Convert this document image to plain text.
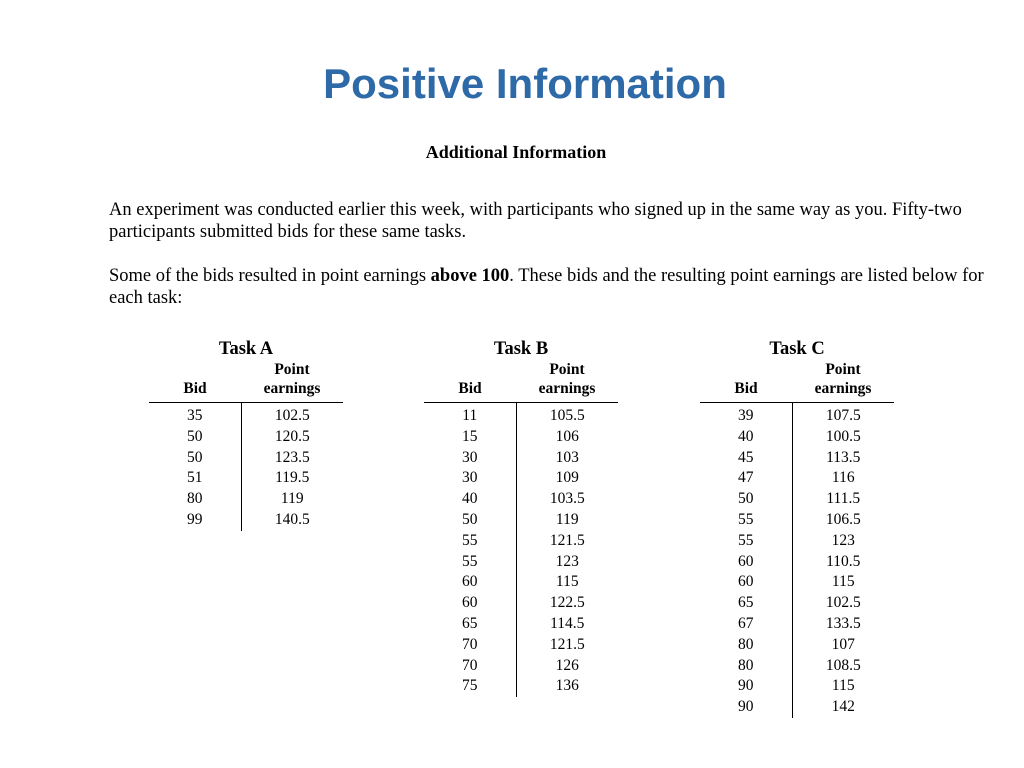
Positive Information
Additional Information

An experiment was conducted earlier this week, with participants who signed up in the same way as you. Fifty-two participants submitted bids for these same tasks.

Some of the bids resulted in point earnings above 100. These bids and the resulting point earnings are listed below for each task:

Task A
Bid	Point
earnings
35	102.5
50	120.5
50	123.5
51	119.5
80	119
99	140.5
Task B
Bid	Point
earnings
11	105.5
15	106
30	103
30	109
40	103.5
50	119
55	121.5
55	123
60	115
60	122.5
65	114.5
70	121.5
70	126
75	136
Task C
Bid	Point
earnings
39	107.5
40	100.5
45	113.5
47	116
50	111.5
55	106.5
55	123
60	110.5
60	115
65	102.5
67	133.5
80	107
80	108.5
90	115
90	142
